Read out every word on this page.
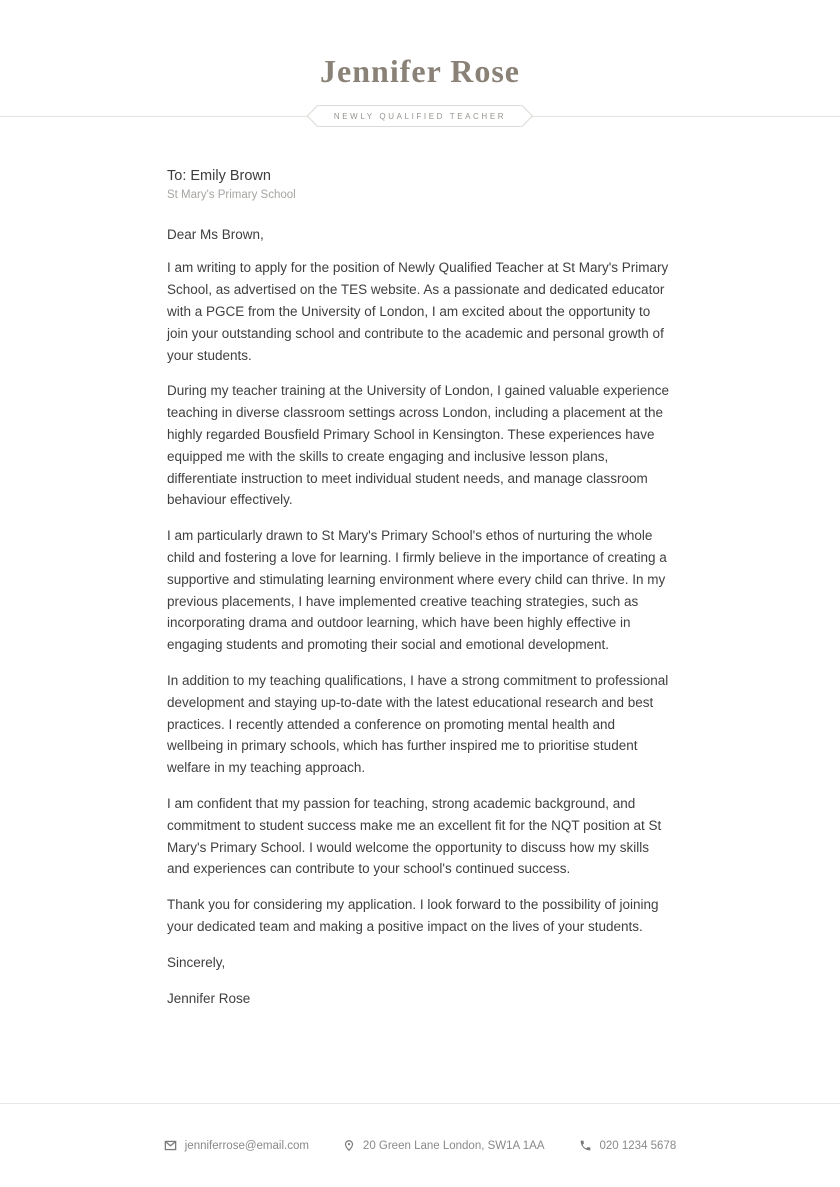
Jennifer Rose
NEWLY QUALIFIED TEACHER
To: Emily Brown
St Mary's Primary School
Dear Ms Brown,

I am writing to apply for the position of Newly Qualified Teacher at St Mary's Primary School, as advertised on the TES website. As a passionate and dedicated educator with a PGCE from the University of London, I am excited about the opportunity to join your outstanding school and contribute to the academic and personal growth of your students.

During my teacher training at the University of London, I gained valuable experience teaching in diverse classroom settings across London, including a placement at the highly regarded Bousfield Primary School in Kensington. These experiences have equipped me with the skills to create engaging and inclusive lesson plans, differentiate instruction to meet individual student needs, and manage classroom behaviour effectively.

I am particularly drawn to St Mary's Primary School's ethos of nurturing the whole child and fostering a love for learning. I firmly believe in the importance of creating a supportive and stimulating learning environment where every child can thrive. In my previous placements, I have implemented creative teaching strategies, such as incorporating drama and outdoor learning, which have been highly effective in engaging students and promoting their social and emotional development.

In addition to my teaching qualifications, I have a strong commitment to professional development and staying up-to-date with the latest educational research and best practices. I recently attended a conference on promoting mental health and wellbeing in primary schools, which has further inspired me to prioritise student welfare in my teaching approach.

I am confident that my passion for teaching, strong academic background, and commitment to student success make me an excellent fit for the NQT position at St Mary's Primary School. I would welcome the opportunity to discuss how my skills and experiences can contribute to your school's continued success.

Thank you for considering my application. I look forward to the possibility of joining your dedicated team and making a positive impact on the lives of your students.

Sincerely,

Jennifer Rose

jenniferrose@email.com	20 Green Lane London, SW1A 1AA	020 1234 5678
